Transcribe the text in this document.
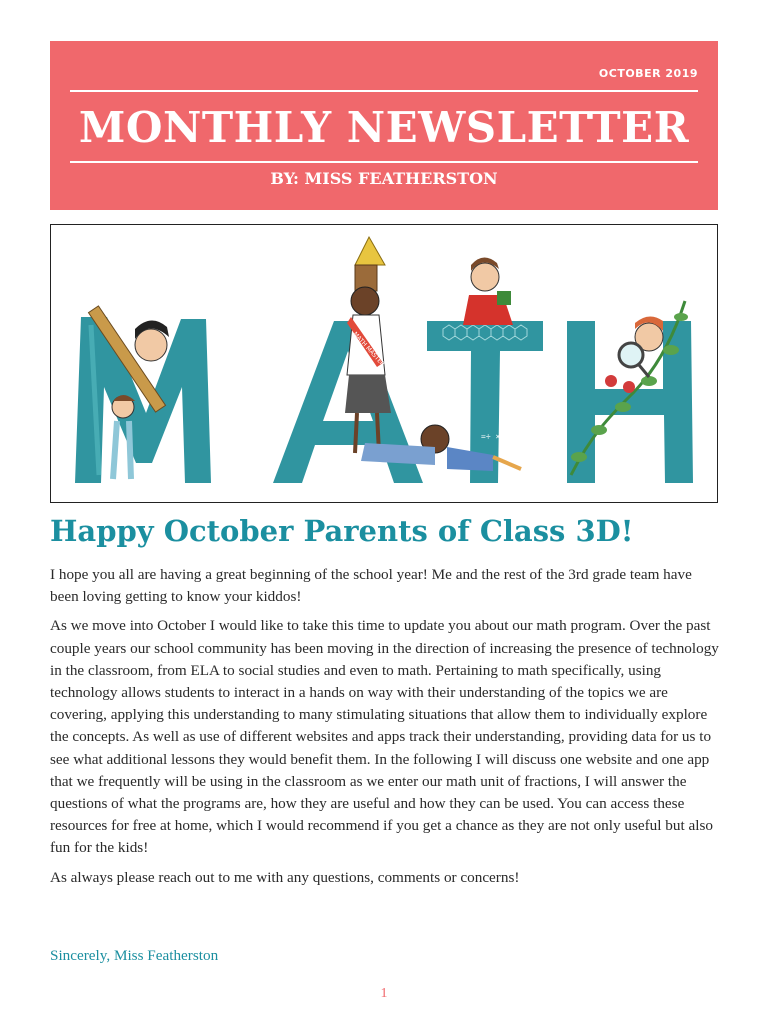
OCTOBER 2019
MONTHLY NEWSLETTER
BY: MISS FEATHERSTON
MATH MASTER
=÷ ×
MATH
Happy October Parents of Class 3D!

I hope you all are having a great beginning of the school year! Me and the rest of the 3rd grade team have been loving getting to know your kiddos!

As we move into October I would like to take this time to update you about our math program. Over the past couple years our school community has been moving in the direction of increasing the presence of technology in the classroom, from ELA to social studies and even to math. Pertaining to math specifically, using technology allows students to interact in a hands on way with their understanding of the topics we are covering, applying this understanding to many stimulating situations that allow them to individually explore the concepts. As well as use of different websites and apps track their understanding, providing data for us to see what additional lessons they would benefit them. In the following I will discuss one website and one app that we frequently will be using in the classroom as we enter our math unit of fractions, I will answer the questions of what the programs are, how they are useful and how they can be used. You can access these resources for free at home, which I would recommend if you get a chance as they are not only useful but also fun for the kids!

As always please reach out to me with any questions, comments or concerns!

Sincerely, Miss Featherston
1
